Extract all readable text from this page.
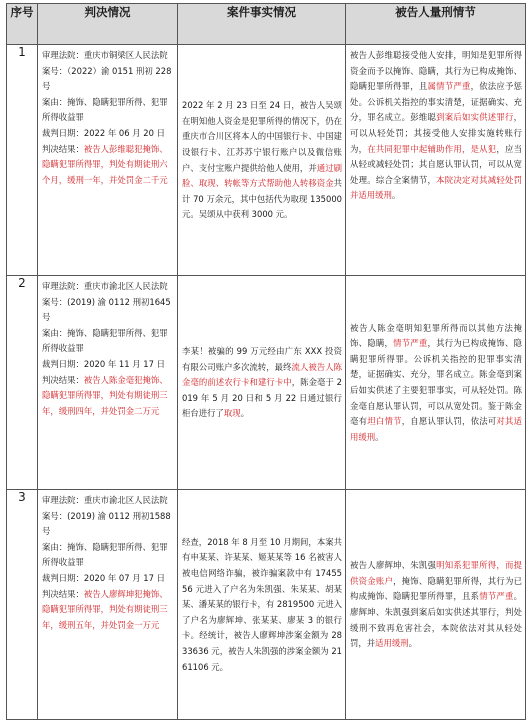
序号	判决情况	案件事实情况	被告人量刑情节
1	审理法院：重庆市铜梁区人民法院
案号：（2022）渝 0151 刑初 228 号
案由：掩饰、隐瞒犯罪所得、犯罪所得收益罪
裁判日期：2022 年 06 月 20 日
判决结果：被告人彭维聪犯掩饰、隐瞒犯罪所得罪，判处有期徒刑六个月，缓刑一年，并处罚金二千元	2022 年 2 月 23 日至 24 日，被告人吴颂在明知他人资金是犯罪所得的情况下，仍在重庆市合川区将本人的中国银行卡、中国建设银行卡、江苏苏宁银行账户以及微信账户、支付宝账户提供给他人使用，并通过刷脸、取现、转帐等方式帮助他人转移资金共计 70 万余元，其中包括代为取现 135000 元。吴颂从中获利 3000 元。	被告人彭维聪接受他人安排，明知是犯罪所得资金而予以掩饰、隐瞒，其行为已构成掩饰、隐瞒犯罪所得罪，且属情节严重，依法应予惩处。公诉机关指控的事实清楚，证据确实、充分，罪名成立。彭维聪到案后如实供述罪行，可以从轻处罚；其接受他人安排实施转账行为，在共同犯罪中起辅助作用，是从犯，应当从轻或减轻处罚；其自愿认罪认罚，可以从宽处理。综合全案情节，本院决定对其减轻处罚并适用缓刑。

2	审理法院：重庆市渝北区人民法院
案号：(2019) 渝 0112 刑初1645号
案由：掩饰、隐瞒犯罪所得、犯罪所得收益罪
裁判日期：2020 年 11 月 17 日
判决结果：被告人陈金毫犯掩饰、隐瞒犯罪所得罪，判处有期徒刑三年，缓刑四年，并处罚金二万元	李某！被骗的 99 万元经由广东 XXX 投资有限公司账户多次流转，最终流人被告人陈金毫的前述农行卡和建行卡中，陈金毫于 2019 年 5 月 20 日和 5 月 22 日通过银行柜台进行了取现。	被告人陈金毫明知犯罪所得而以其他方法掩饰、隐瞒，情节严重，其行为已构成掩饰、隐瞒犯罪所得罪。公诉机关指控的犯罪事实清楚，证据确实、充分，罪名成立。陈金毫到案后如实供述了主要犯罪事实，可从轻处罚。陈金毫自愿认罪认罚，可以从宽处罚。鉴于陈金毫有坦白情节，自愿认罪认罚，依法可对其适用缓刑。

3	审理法院：重庆市渝北区人民法院
案号：(2019) 渝 0112 刑初1588号
案由：掩饰、隐瞒犯罪所得、犯罪所得收益罪
裁判日期：2020 年 07 月 17 日
判决结果：被告人廖辉坤犯掩饰、隐瞒犯罪所得罪，判处有期徒刑三年，缓刑五年，并处罚金一万元	经查，2018 年 8 月至 10 月期间，本案共有申某某、许某某、姬某某等 16 名被害人被电信网络诈骗，被诈骗案款中有 1745556 元进入了户名为朱凯强、朱某某、胡某某、潘某某的银行卡，有 2819500 元进入了户名为廖辉坤、张某某、廖某 3 的银行卡。经统计，被告人廖辉坤涉案金额为 2833636 元，被告人朱凯强的涉案金额为 2161106 元。	被告人廖辉坤、朱凯强明知系犯罪所得，而提供资金账户，掩饰、隐瞒犯罪所得，其行为已构成掩饰、隐瞒犯罪所得罪，且系情节严重。廖辉坤、朱凯强到案后如实供述其罪行，判处缓刑不致再危害社会，本院依法对其从轻处罚，并适用缓刑。
